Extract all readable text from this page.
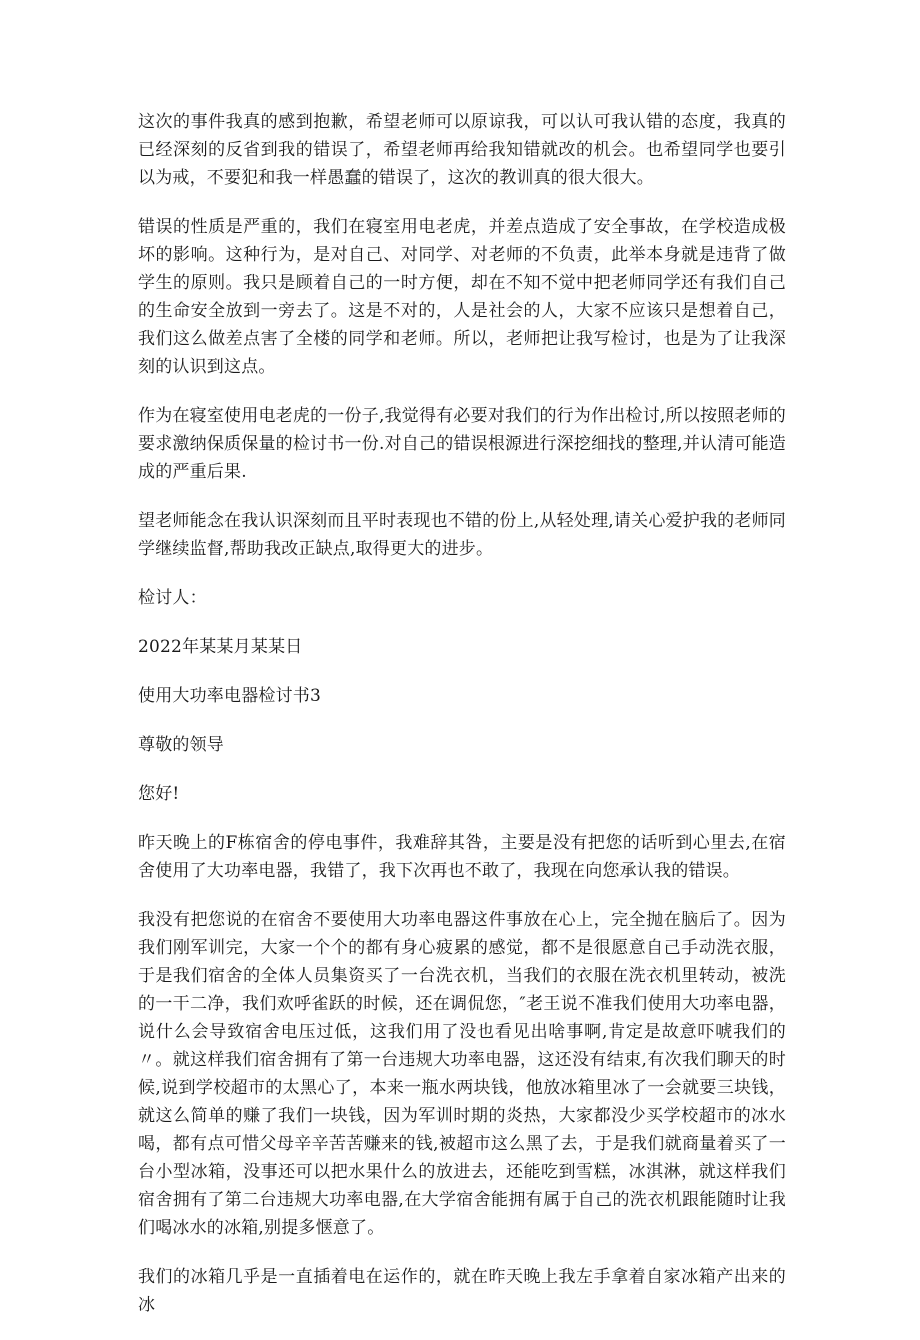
这次的事件我真的感到抱歉，希望老师可以原谅我，可以认可我认错的态度，我真的已经深刻的反省到我的错误了，希望老师再给我知错就改的机会。也希望同学也要引以为戒，不要犯和我一样愚蠢的错误了，这次的教训真的很大很大。

错误的性质是严重的，我们在寝室用电老虎，并差点造成了安全事故，在学校造成极坏的影响。这种行为，是对自己、对同学、对老师的不负责，此举本身就是违背了做学生的原则。我只是顾着自己的一时方便，却在不知不觉中把老师同学还有我们自己的生命安全放到一旁去了。这是不对的，人是社会的人，大家不应该只是想着自己，我们这么做差点害了全楼的同学和老师。所以，老师把让我写检讨，也是为了让我深刻的认识到这点。

作为在寝室使用电老虎的一份子,我觉得有必要对我们的行为作出检讨,所以按照老师的要求激纳保质保量的检讨书一份.对自己的错误根源进行深挖细找的整理,并认清可能造成的严重后果.

望老师能念在我认识深刻而且平时表现也不错的份上,从轻处理,请关心爱护我的老师同学继续监督,帮助我改正缺点,取得更大的进步。

检讨人：

2022年某某月某某日

使用大功率电器检讨书3

尊敬的领导

您好!

昨天晚上的F栋宿舍的停电事件，我难辞其咎，主要是没有把您的话听到心里去,在宿舍使用了大功率电器，我错了，我下次再也不敢了，我现在向您承认我的错误。

我没有把您说的在宿舍不要使用大功率电器这件事放在心上，完全抛在脑后了。因为我们刚军训完，大家一个个的都有身心疲累的感觉，都不是很愿意自己手动洗衣服，于是我们宿舍的全体人员集资买了一台洗衣机，当我们的衣服在洗衣机里转动，被洗的一干二净，我们欢呼雀跃的时候，还在调侃您，″老王说不准我们使用大功率电器，说什么会导致宿舍电压过低，这我们用了没也看见出啥事啊,肯定是故意吓唬我们的〃。就这样我们宿舍拥有了第一台违规大功率电器，这还没有结束,有次我们聊天的时候,说到学校超市的太黑心了，本来一瓶水两块钱，他放冰箱里冰了一会就要三块钱，就这么简单的赚了我们一块钱，因为军训时期的炎热，大家都没少买学校超市的冰水喝，都有点可惜父母辛辛苦苦赚来的钱,被超市这么黑了去，于是我们就商量着买了一台小型冰箱，没事还可以把水果什么的放进去，还能吃到雪糕，冰淇淋，就这样我们宿舍拥有了第二台违规大功率电器,在大学宿舍能拥有属于自己的洗衣机跟能随时让我们喝冰水的冰箱,别提多惬意了。

我们的冰箱几乎是一直插着电在运作的，就在昨天晚上我左手拿着自家冰箱产出来的冰
